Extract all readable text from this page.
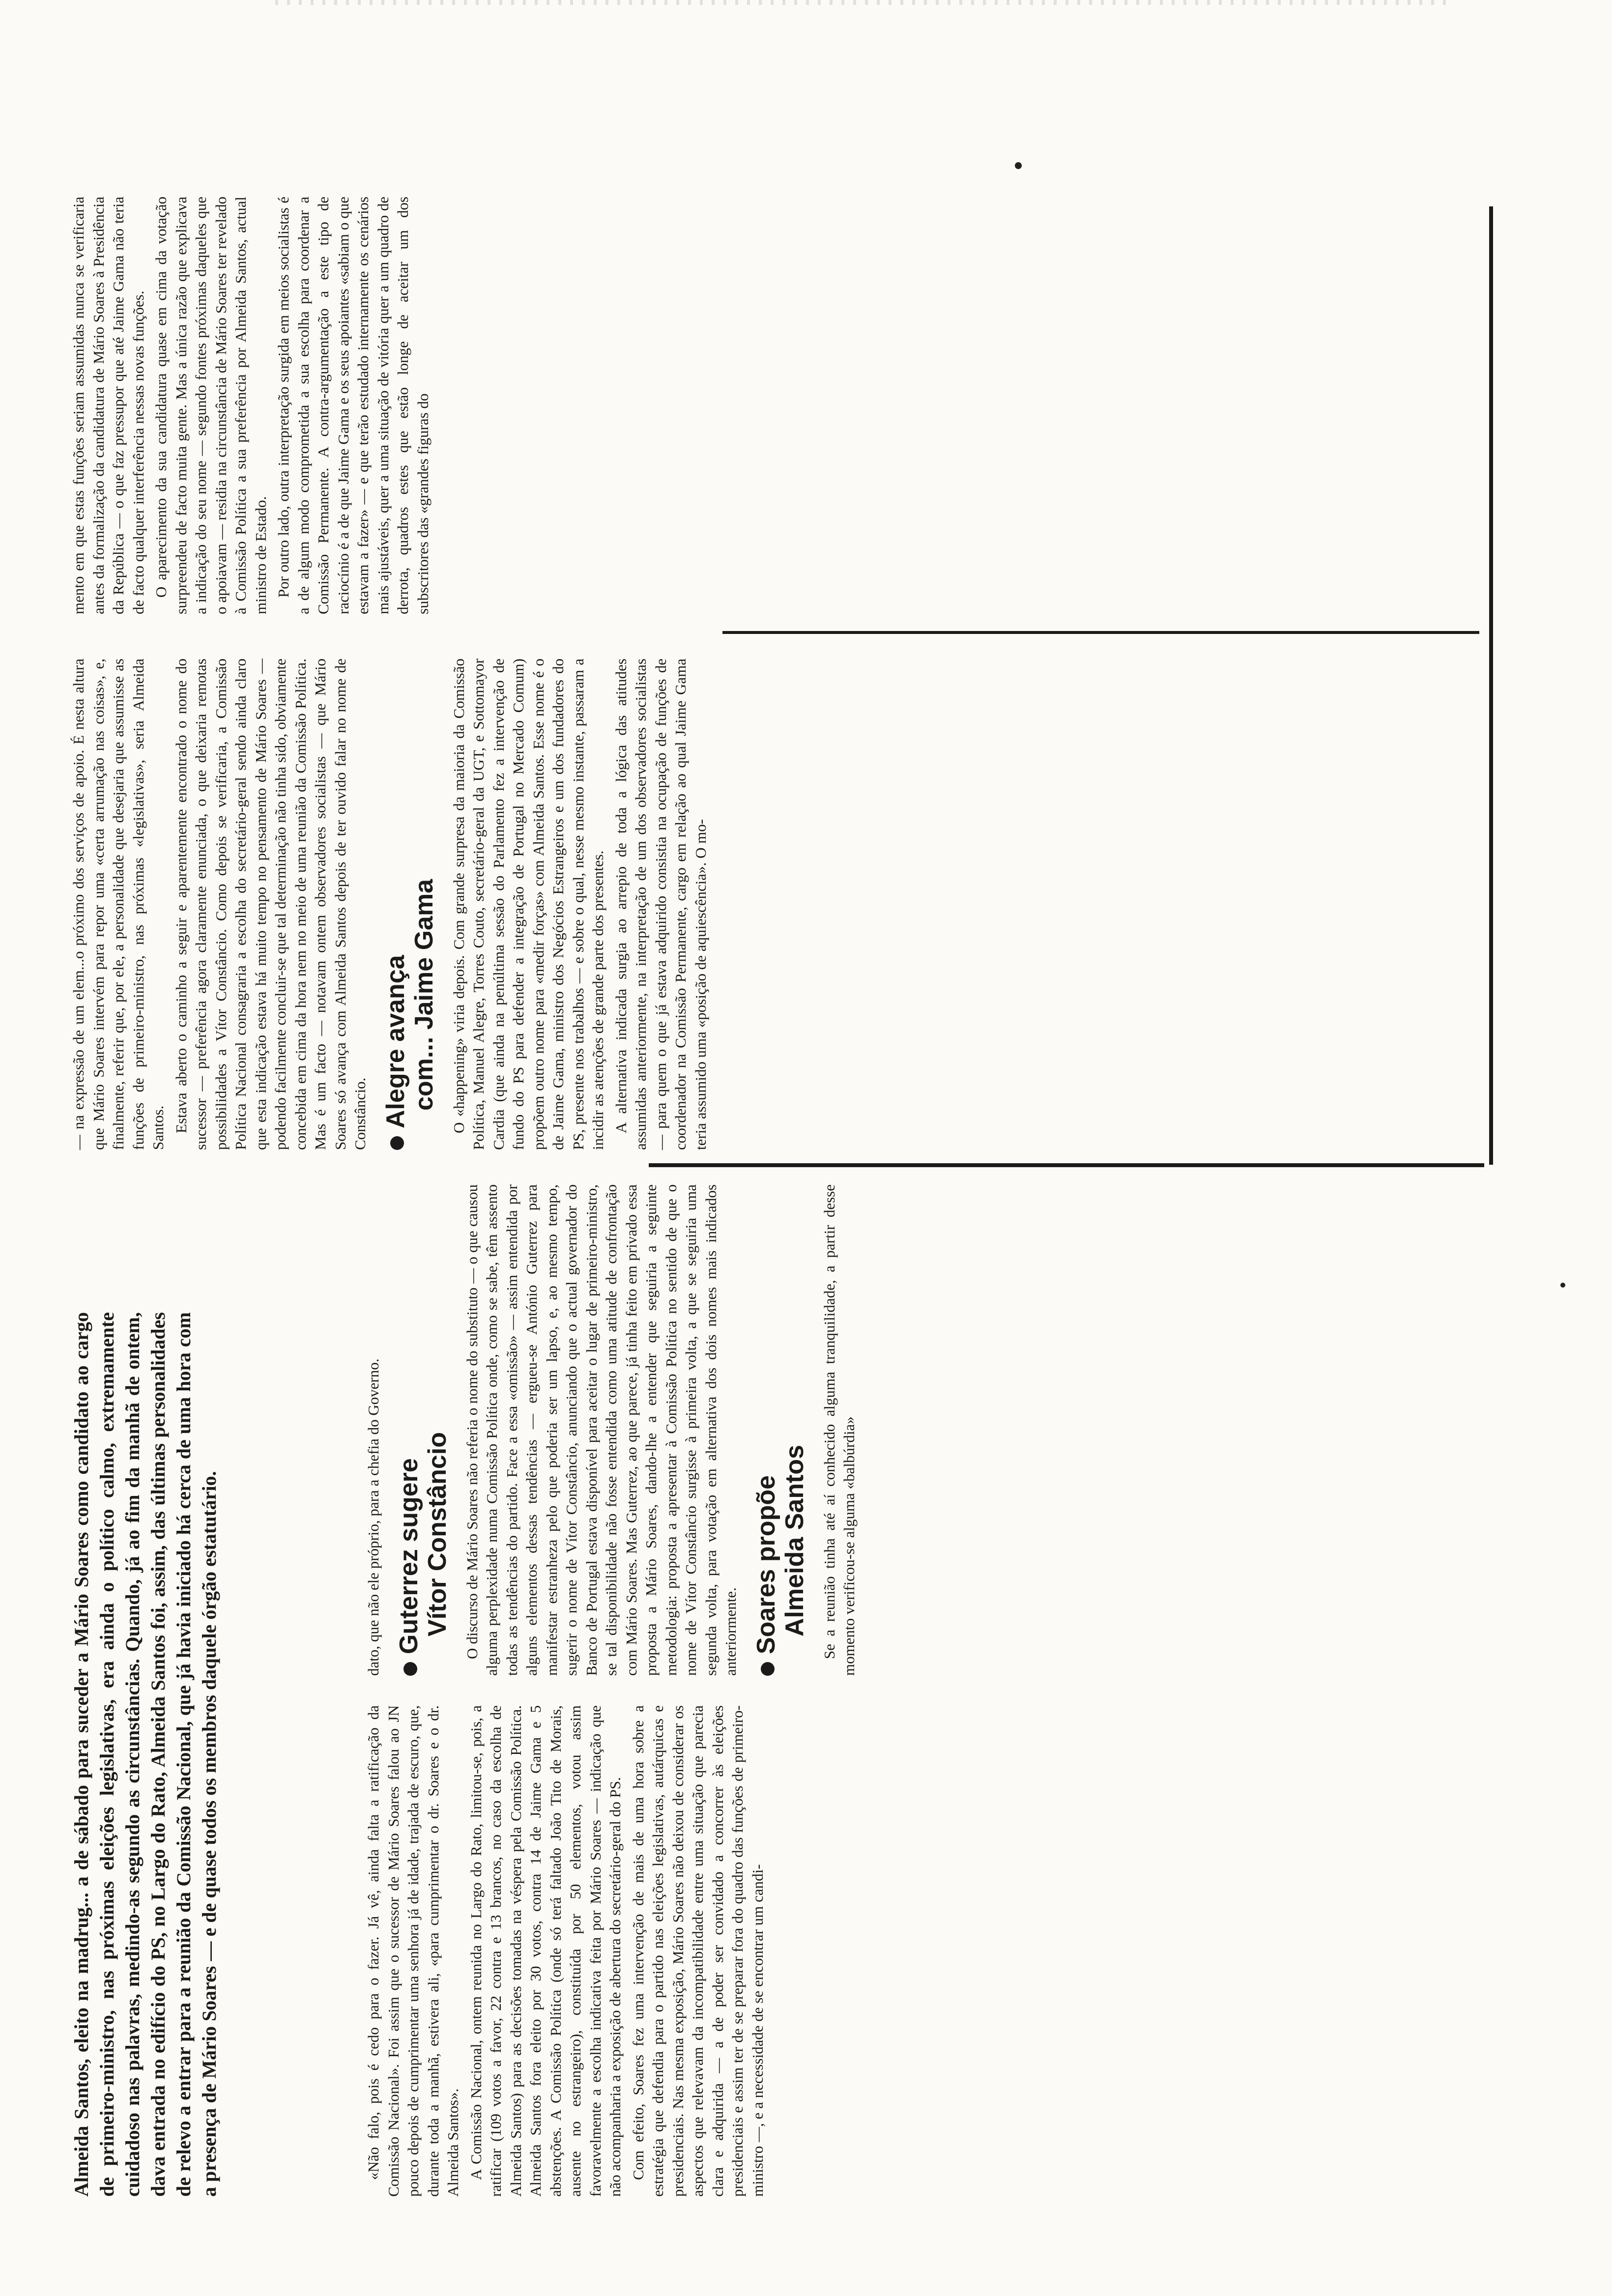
Almeida Santos, eleito na madrug... a de sábado para suceder a Mário Soares como candidato ao cargo de primeiro-ministro, nas próximas eleições legislativas, era ainda o político calmo, extremamente cuidadoso nas palavras, medindo-as segundo as circunstâncias. Quando, já ao fim da manhã de ontem, dava entrada no edifício do PS, no Largo do Rato, Almeida Santos foi, assim, das últimas personalidades de relevo a entrar para a reunião da Comissão Nacional, que já havia iniciado há cerca de uma hora com a presença de Mário Soares — e de quase todos os membros daquele órgão estatutário.	«Não falo, pois é cedo para o fazer. Já vê, ainda falta a ratificação da Comissão Nacional». Foi assim que o sucessor de Mário Soares falou ao JN pouco depois de cumprimentar uma senhora já de idade, trajada de escuro, que, durante toda a manhã, estivera ali, «para cumprimentar o dr. Soares e o dr. Almeida Santos». A Comissão Nacional, ontem reunida no Largo do Rato, limitou-se, pois, a ratificar (109 votos a favor, 22 contra e 13 brancos, no caso da escolha de Almeida Santos) para as decisões tomadas na véspera pela Comissão Política. Almeida Santos fora eleito por 30 votos, contra 14 de Jaime Gama e 5 abstenções. A Comissão Política (onde só terá faltado João Tito de Morais, ausente no estrangeiro), constituída por 50 elementos, votou assim favoravelmente a escolha indicativa feita por Mário Soares — indicação que não acompanharia a exposição de abertura do secretário-geral do PS. Com efeito, Soares fez uma intervenção de mais de uma hora sobre a estratégia que defendia para o partido nas eleições legislativas, autárquicas e presidenciais. Nas mesma exposição, Mário Soares não deixou de considerar os aspectos que relevavam da incompatibilidade entre uma situação que parecia clara e adquirida — a de poder ser convidado a concorrer às eleições presidenciais e assim ter de se preparar fora do quadro das funções de primeiro-ministro —, e a necessidade de se encontrar um candi-

dato, que não ele próprio, para a chefia do Governo. Guterrez sugere Vítor Constâncio O discurso de Mário Soares não referia o nome do substituto — o que causou alguma perplexidade numa Comissão Política onde, como se sabe, têm assento todas as tendências do partido. Face a essa «omissão» — assim entendida por alguns elementos dessas tendências — ergueu-se António Guterrez para manifestar estranheza pelo que poderia ser um lapso, e, ao mesmo tempo, sugerir o nome de Vítor Constâncio, anunciando que o actual governador do Banco de Portugal estava disponível para aceitar o lugar de primeiro-ministro, se tal disponibilidade não fosse entendida como uma atitude de confrontação com Mário Soares. Mas Guterrez, ao que parece, já tinha feito em privado essa proposta a Mário Soares, dando-lhe a entender que seguiria a seguinte metodologia: proposta a apresentar à Comissão Política no sentido de que o nome de Vítor Constâncio surgisse à primeira volta, a que se seguiria uma segunda volta, para votação em alternativa dos dois nomes mais indicados anteriormente. Soares propõe Almeida Santos Se a reunião tinha até aí conhecido alguma tranquilidade, a partir desse momento verificou-se alguma «balbúrdia»

— na expressão de um elem...o próximo dos serviços de apoio. É nesta altura que Mário Soares intervém para repor uma «certa arrumação nas coisas», e, finalmente, referir que, por ele, a personalidade que desejaria que assumisse as funções de primeiro-ministro, nas próximas «legislativas», seria Almeida Santos. Estava aberto o caminho a seguir e aparentemente encontrado o nome do sucessor — preferência agora claramente enunciada, o que deixaria remotas possibilidades a Vítor Constâncio. Como depois se verificaria, a Comissão Política Nacional consagraria a escolha do secretário-geral sendo ainda claro que esta indicação estava há muito tempo no pensamento de Mário Soares — podendo facilmente concluir-se que tal determinação não tinha sido, obviamente concebida em cima da hora nem no meio de uma reunião da Comissão Política. Mas é um facto — notavam ontem observadores socialistas — que Mário Soares só avança com Almeida Santos depois de ter ouvido falar no nome de Constâncio. Alegre avança com... Jaime Gama O «happening» viria depois. Com grande surpresa da maioria da Comissão Política, Manuel Alegre, Torres Couto, secretário-geral da UGT, e Sottomayor Cardia (que ainda na penúltima sessão do Parlamento fez a intervenção de fundo do PS para defender a integração de Portugal no Mercado Comum) propõem outro nome para «medir forças» com Almeida Santos. Esse nome é o de Jaime Gama, ministro dos Negócios Estrangeiros e um dos fundadores do PS, presente nos trabalhos — e sobre o qual, nesse mesmo instante, passaram a incidir as atenções de grande parte dos presentes. A alternativa indicada surgia ao arrepio de toda a lógica das atitudes assumidas anteriormente, na interpretação de um dos observadores socialistas — para quem o que já estava adquirido consistia na ocupação de funções de coordenador na Comissão Permanente, cargo em relação ao qual Jaime Gama teria assumido uma «posição de aquiescência». O mo-

mento em que estas funções seriam assumidas nunca se verificaria antes da formalização da candidatura de Mário Soares à Presidência da República — o que faz pressupor que até Jaime Gama não teria de facto qualquer interferência nessas novas funções. O aparecimento da sua candidatura quase em cima da votação surpreendeu de facto muita gente. Mas a única razão que explicava a indicação do seu nome — segundo fontes próximas daqueles que o apoiavam — residia na circunstância de Mário Soares ter revelado à Comissão Política a sua preferência por Almeida Santos, actual ministro de Estado. Por outro lado, outra interpretação surgida em meios socialistas é a de algum modo comprometida a sua escolha para coordenar a Comissão Permanente. A contra-argumentação a este tipo de raciocínio é a de que Jaime Gama e os seus apoiantes «sabiam o que estavam a fazer» — e que terão estudado internamente os cenários mais ajustáveis, quer a uma situação de vitória quer a um quadro de derrota, quadros estes que estão longe de aceitar um dos subscritores das «grandes figuras do
